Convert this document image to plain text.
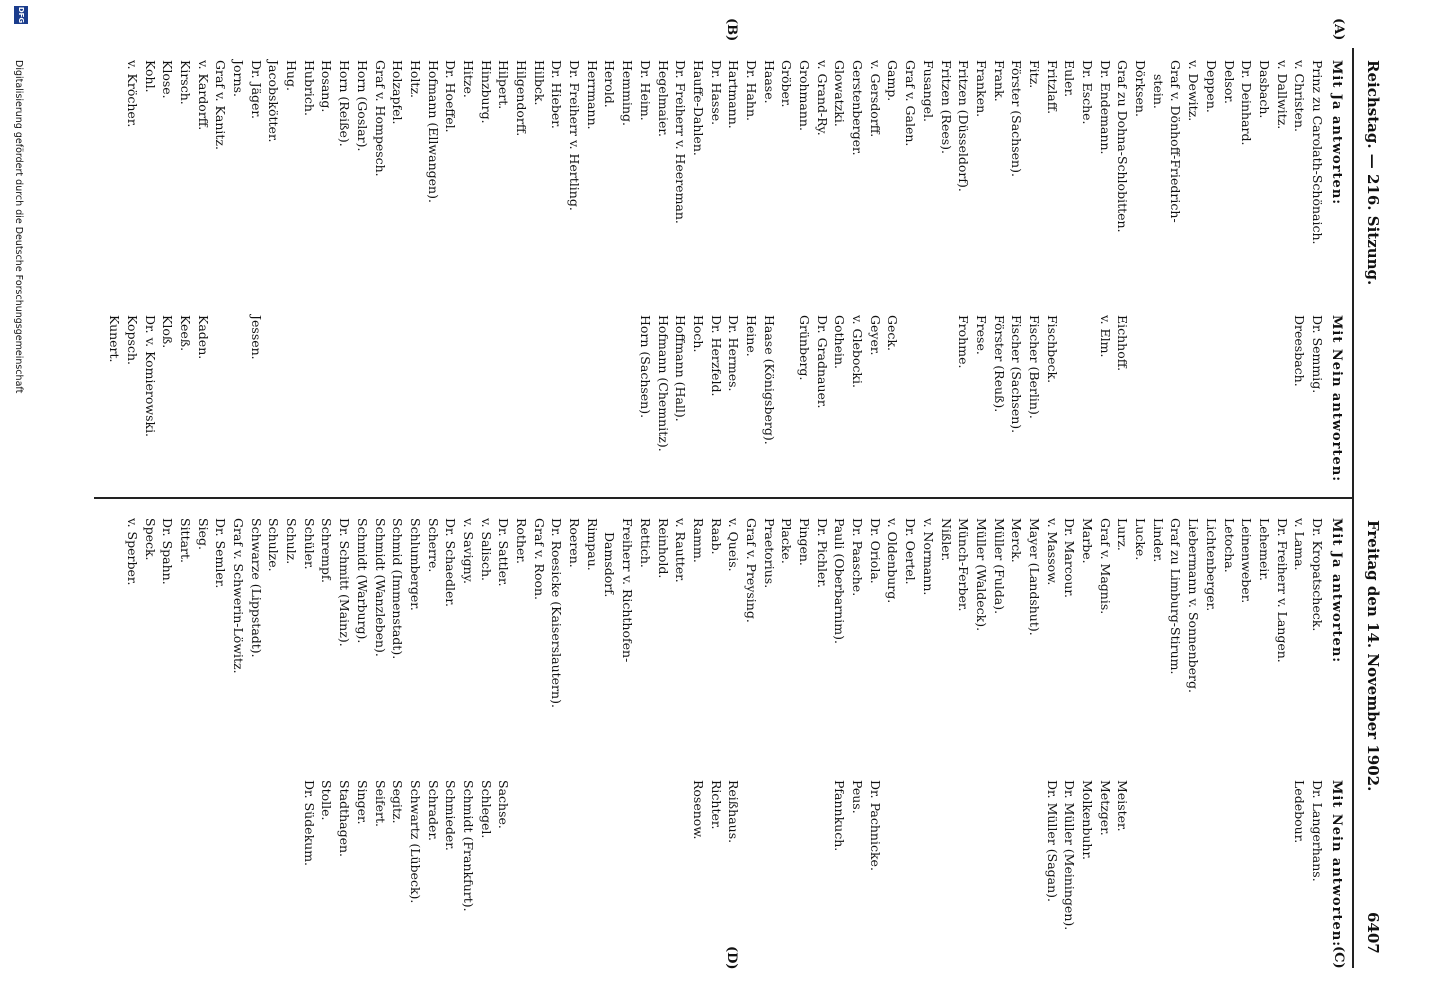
Reichstag. — 216. Sitzung.
Freitag den 14. November 1902.
6407
(A)
(B)
(C)
(D)
Mit Ja antworten:
Mit Nein antworten:
Mit Ja antworten:
Mit Nein antworten:
Prinz zu Carolath-Schönaich.
v. Christen.
v. Dallwitz.
Dasbach.
Dr. Deinhard.
Delsor.
Deppen.
v. Dewitz.
Graf v. Dönhoff-Friedrich-
stein.
Dörksen.
Graf zu Dohna-Schlobitten.
Dr. Endemann.
Dr. Esche.
Euler.
Fritzlaff.
Fitz.
Förster (Sachsen).
Frank.
Franken.
Fritzen (Düsseldorf).
Fritzen (Rees).
Fusangel.
Graf v. Galen.
Gamp.
v. Gersdorff.
Gerstenberger.
Glowatzki.
v. Grand-Ry.
Grohmann.
Gröber.
Haase.
Dr. Hahn.
Hartmann.
Dr. Hasse.
Hauffe-Dahlen.
Dr. Freiherr v. Heereman.
Hegelmaier.
Dr. Heim.
Hemming.
Herold.
Herrmann.
Dr. Freiherr v. Hertling.
Dr. Hieber.
Hilbck.
Hilgendorff.
Hilpert.
Hinzburg.
Hitze.
Dr. Hoeffel.
Hofmann (Ellwangen).
Holtz.
Holzapfel.
Graf v. Hompesch.
Horn (Goslar).
Horn (Reiße).
Hosang.
Hubrich.
Hug.
Jacobskötter.
Dr. Jäger.
Jorns.
Graf v. Kanitz.
v. Kardorff.
Kirsch.
Klose.
Kohl.
v. Kröcher.
Dr. Semmig.
Dreesbach.
Eichhoff.
v. Elm.
Fischbeck.
Fischer (Berlin).
Fischer (Sachsen).
Förster (Reuß).
Frese.
Frohme.
Geck.
Geyer.
v. Glebocki.
Gothein.
Dr. Gradnauer.
Grünberg.
Haase (Königsberg).
Heine.
Dr. Hermes.
Dr. Herzfeld.
Hoch.
Hoffmann (Hall).
Hofmann (Chemnitz).
Horn (Sachsen).
Jessen.
Kaden.
Keeß.
Kloß.
Dr. v. Komierowski.
Kopsch.
Kunert.
Dr. Kropatscheck.
v. Lama.
Dr. Freiherr v. Langen.
Lehemeir.
Leinenweber.
Letocha.
Lichtenberger.
Liebermann v. Sonnenberg.
Graf zu Limburg-Stirum.
Linder.
Lucke.
Lurz.
Graf v. Magnis.
Marbe.
Dr. Marcour.
v. Massow.
Mayer (Landshut).
Merck.
Müller (Fulda).
Müller (Waldeck).
Münch-Ferber.
Nißler.
v. Normann.
Dr. Oertel.
v. Oldenburg.
Dr. Oriola.
Dr. Paasche.
Pauli (Oberbarnim).
Dr. Pichler.
Pingen.
Placke.
Praetorius.
Graf v. Preysing.
v. Queis.
Raab.
Ramm.
v. Rautter.
Reinhold.
Rettich.
Freiherr v. Richthofen-
Damsdorf.
Rimpau.
Roeren.
Dr. Roesicke (Kaiserslautern).
Graf v. Roon.
Rother.
Dr. Sattler.
v. Salisch.
v. Savigny.
Dr. Schaedler.
Scherre.
Schlumberger.
Schmid (Immenstadt).
Schmidt (Wanzleben).
Schmidt (Warburg).
Dr. Schmitt (Mainz).
Schrempf.
Schüler.
Schulz.
Schulze.
Schwarze (Lippstadt).
Graf v. Schwerin-Löwitz.
Dr. Semler.
Sieg.
Sittart.
Dr. Spahn.
Speck.
v. Sperber.
Dr. Langerhans.
Ledebour.
Meister.
Metzger.
Molkenbuhr.
Dr. Müller (Meiningen).
Dr. Müller (Sagan).
Dr. Pachnicke.
Peus.
Pfannkuch.
Reißhaus.
Richter.
Rosenow.
Sachse.
Schlegel.
Schmidt (Frankfurt).
Schmieder.
Schrader.
Schwartz (Lübeck).
Segitz.
Seifert.
Singer.
Stadthagen.
Stolle.
Dr. Südekum.
DFG
Digitalisierung gefördert durch die Deutsche Forschungsgemeinschaft
